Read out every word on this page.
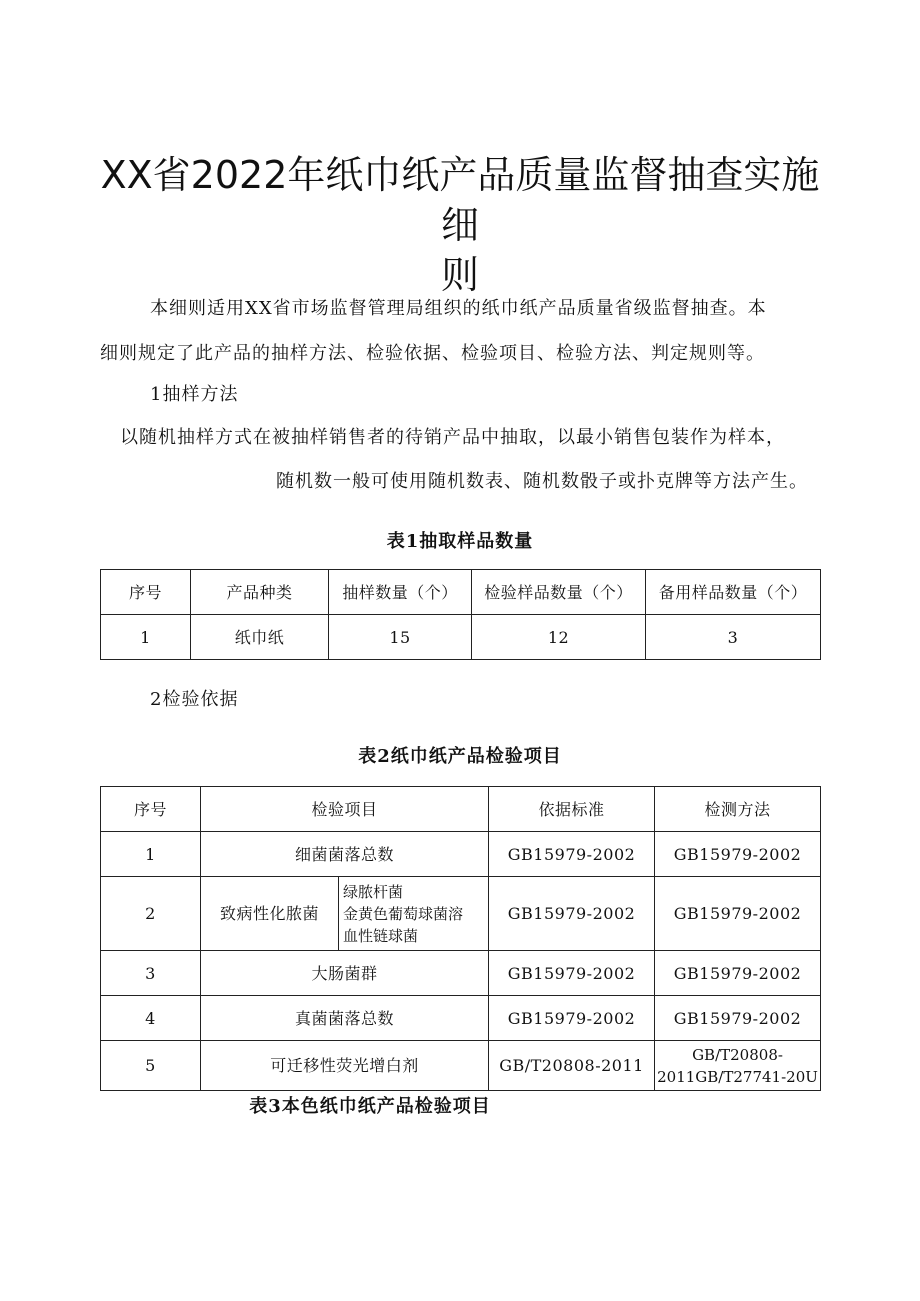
XX省2022年纸巾纸产品质量监督抽查实施细
则
本细则适用XX省市场监督管理局组织的纸巾纸产品质量省级监督抽查。本
细则规定了此产品的抽样方法、检验依据、检验项目、检验方法、判定规则等。
1抽样方法
以随机抽样方式在被抽样销售者的待销产品中抽取，以最小销售包装作为样本，
随机数一般可使用随机数表、随机数骰子或扑克牌等方法产生。
表1抽取样品数量
序号	产品种类	抽样数量（个）	检验样品数量（个）	备用样品数量（个）
1	纸巾纸	15	12	3
2检验依据
表2纸巾纸产品检验项目
序号	检验项目		依据标准	检测方法
1	细菌菌落总数		GB15979-2002	GB15979-2002
2	致病性化脓菌	绿脓杆菌
金黄色葡萄球菌溶
血性链球菌	GB15979-2002	GB15979-2002
3	大肠菌群		GB15979-2002	GB15979-2002
4	真菌菌落总数		GB15979-2002	GB15979-2002
5	可迁移性荧光增白剂		GB/T20808-2011	GB/T20808-
2011GB/T27741-20U
表3本色纸巾纸产品检验项目
